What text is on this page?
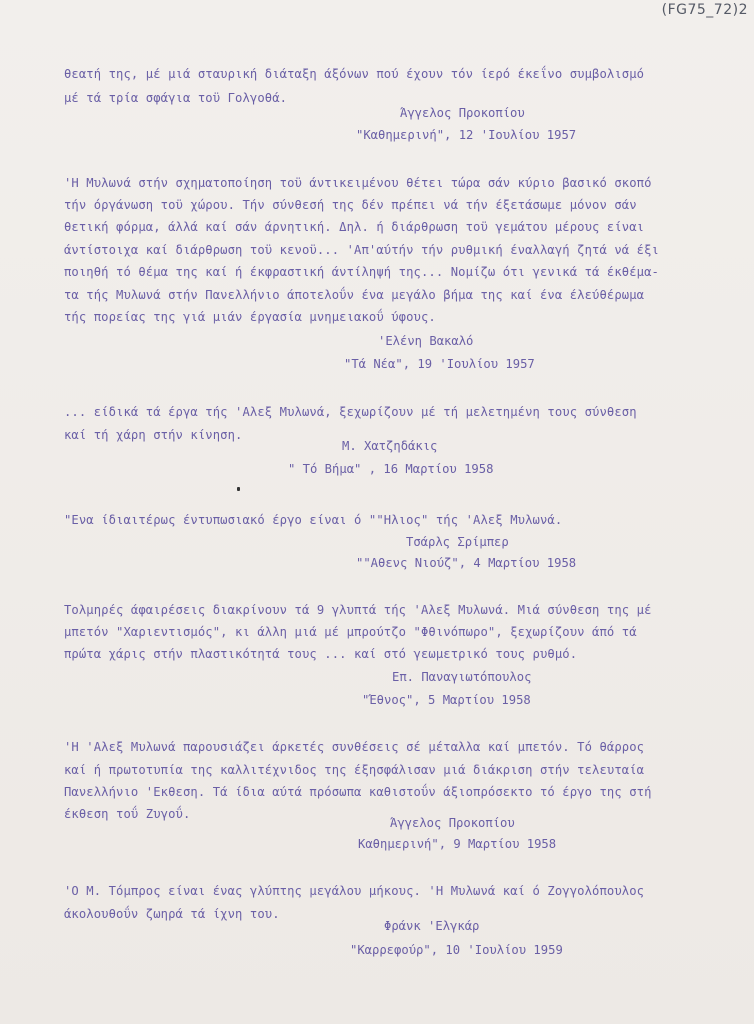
(FG75_72)2
θεατή της, μέ μιά σταυρική διάταξη άξόνων πού έχουν τόν ίερό έκεΐνο συμβολισμό
μέ τά τρία σφάγια τοϋ Γολγοθά.
Άγγελος Προκοπίου
"Καθημερινή", 12 'Ιουλίου 1957
'Η Μυλωνά στήν σχηματοποίηση τοϋ άντικειμένου θέτει τώρα σάν κύριο βασικό σκοπό
τήν όργάνωση τοϋ χώρου. Τήν σύνθεσή της δέν πρέπει νά τήν έξετάσωμε μόνον σάν
θετική φόρμα, άλλά καί σάν άρνητική. Δηλ. ή διάρθρωση τοϋ γεμάτου μέρους είναι
άντίστοιχα καί διάρθρωση τοϋ κενοϋ... 'Απ'αύτήν τήν ρυθμική έναλλαγή ζητά νά έξι
ποιηθή τό θέμα της καί ή έκφραστική άντίληψή της... Νομίζω ότι γενικά τά έκθέμα-
τα τής Μυλωνά στήν Πανελλήνιο άποτελοΰν ένα μεγάλο βήμα της καί ένα έλεύθέρωμα
τής πορείας της γιά μιάν έργασία μνημειακοΰ ύφους.
'Ελένη Βακαλό
"Τά Νέα", 19 'Ιουλίου 1957
... είδικά τά έργα τής 'Αλεξ Μυλωνά, ξεχωρίζουν μέ τή μελετημένη τους σύνθεση
καί τή χάρη στήν κίνηση.
Μ. Χατζηδάκις
" Τό Βήμα" , 16 Μαρτίου 1958
"Ενα ίδιαιτέρως έντυπωσιακό έργο είναι ό ""Ηλιος" τής 'Αλεξ Μυλωνά.
Τσάρλς Σρίμπερ
""Αθενς Νιούζ", 4 Μαρτίου 1958
Τολμηρές άφαιρέσεις διακρίνουν τά 9 γλυπτά τής 'Αλεξ Μυλωνά. Μιά σύνθεση της μέ
μπετόν "Χαριεντισμός", κι άλλη μιά μέ μπρούτζο "Φθινόπωρο", ξεχωρίζουν άπό τά
πρώτα χάρις στήν πλαστικότητά τους ... καί στό γεωμετρικό τους ρυθμό.
Επ. Παναγιωτόπουλος
"Έθνος", 5 Μαρτίου 1958
'Η 'Αλεξ Μυλωνά παρουσιάζει άρκετές συνθέσεις σέ μέταλλα καί μπετόν. Τό θάρρος
καί ή πρωτοτυπία της καλλιτέχνιδος της έξησφάλισαν μιά διάκριση στήν τελευταία
Πανελλήνιο 'Εκθεση. Τά ίδια αύτά πρόσωπα καθιστοΰν άξιοπρόσεκτο τό έργο της στή
έκθεση τοΰ Ζυγοΰ.
Άγγελος Προκοπίου
Καθημερινή", 9 Μαρτίου 1958
'Ο Μ. Τόμπρος είναι ένας γλύπτης μεγάλου μήκους. 'Η Μυλωνά καί ό Ζογγολόπουλος
άκολουθοΰν ζωηρά τά ίχνη του.
Φράνκ 'Ελγκάρ
"Καρρεφούρ", 10 'Ιουλίου 1959
